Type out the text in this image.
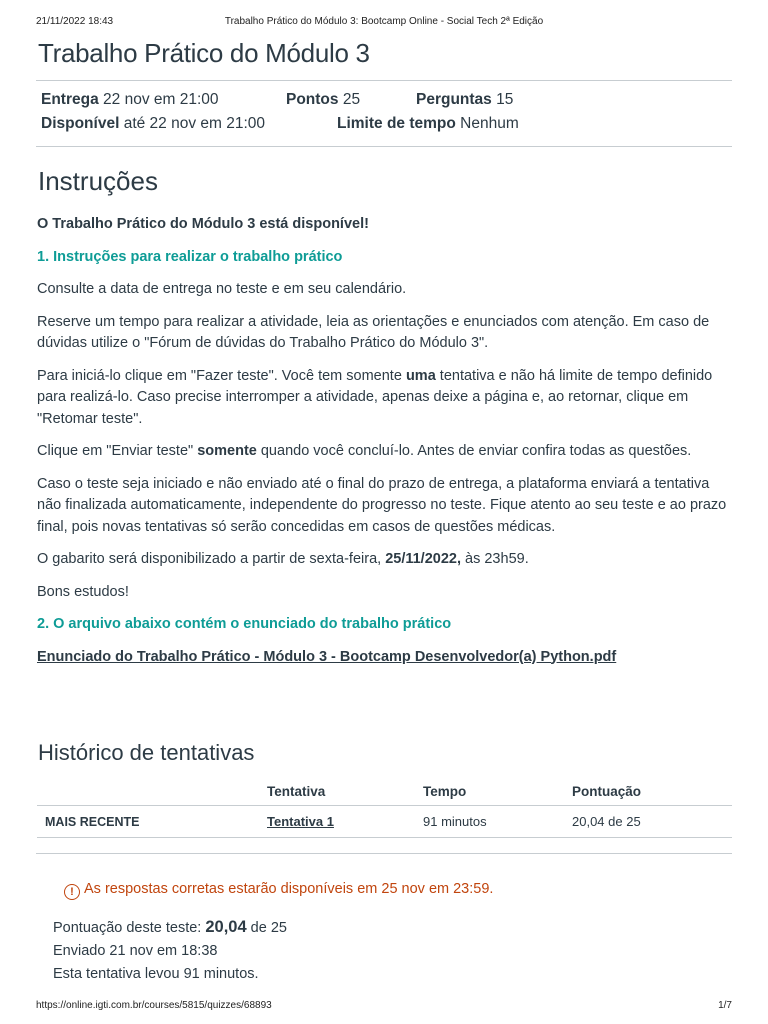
21/11/2022 18:43	Trabalho Prático do Módulo 3: Bootcamp Online - Social Tech 2ª Edição
Trabalho Prático do Módulo 3
Entrega 22 nov em 21:00	Pontos 25	Perguntas 15
Disponível até 22 nov em 21:00	Limite de tempo Nenhum
Instruções

O Trabalho Prático do Módulo 3 está disponível!

1. Instruções para realizar o trabalho prático

Consulte a data de entrega no teste e em seu calendário.

Reserve um tempo para realizar a atividade, leia as orientações e enunciados com atenção. Em caso de dúvidas utilize o "Fórum de dúvidas do Trabalho Prático do Módulo 3".

Para iniciá-lo clique em "Fazer teste". Você tem somente uma tentativa e não há limite de tempo definido para realizá-lo. Caso precise interromper a atividade, apenas deixe a página e, ao retornar, clique em "Retomar teste".

Clique em "Enviar teste" somente quando você concluí-lo. Antes de enviar confira todas as questões.

Caso o teste seja iniciado e não enviado até o final do prazo de entrega, a plataforma enviará a tentativa não finalizada automaticamente, independente do progresso no teste. Fique atento ao seu teste e ao prazo final, pois novas tentativas só serão concedidas em casos de questões médicas.

O gabarito será disponibilizado a partir de sexta-feira, 25/11/2022, às 23h59.

Bons estudos!

2. O arquivo abaixo contém o enunciado do trabalho prático

Enunciado do Trabalho Prático - Módulo 3 - Bootcamp Desenvolvedor(a) Python.pdf

Histórico de tentativas
	Tentativa	Tempo	Pontuação
MAIS RECENTE	Tentativa 1	91 minutos	20,04 de 25
! As respostas corretas estarão disponíveis em 25 nov em 23:59.
Pontuação deste teste: 20,04 de 25
Enviado 21 nov em 18:38
Esta tentativa levou 91 minutos.
https://online.igti.com.br/courses/5815/quizzes/68893	1/7
